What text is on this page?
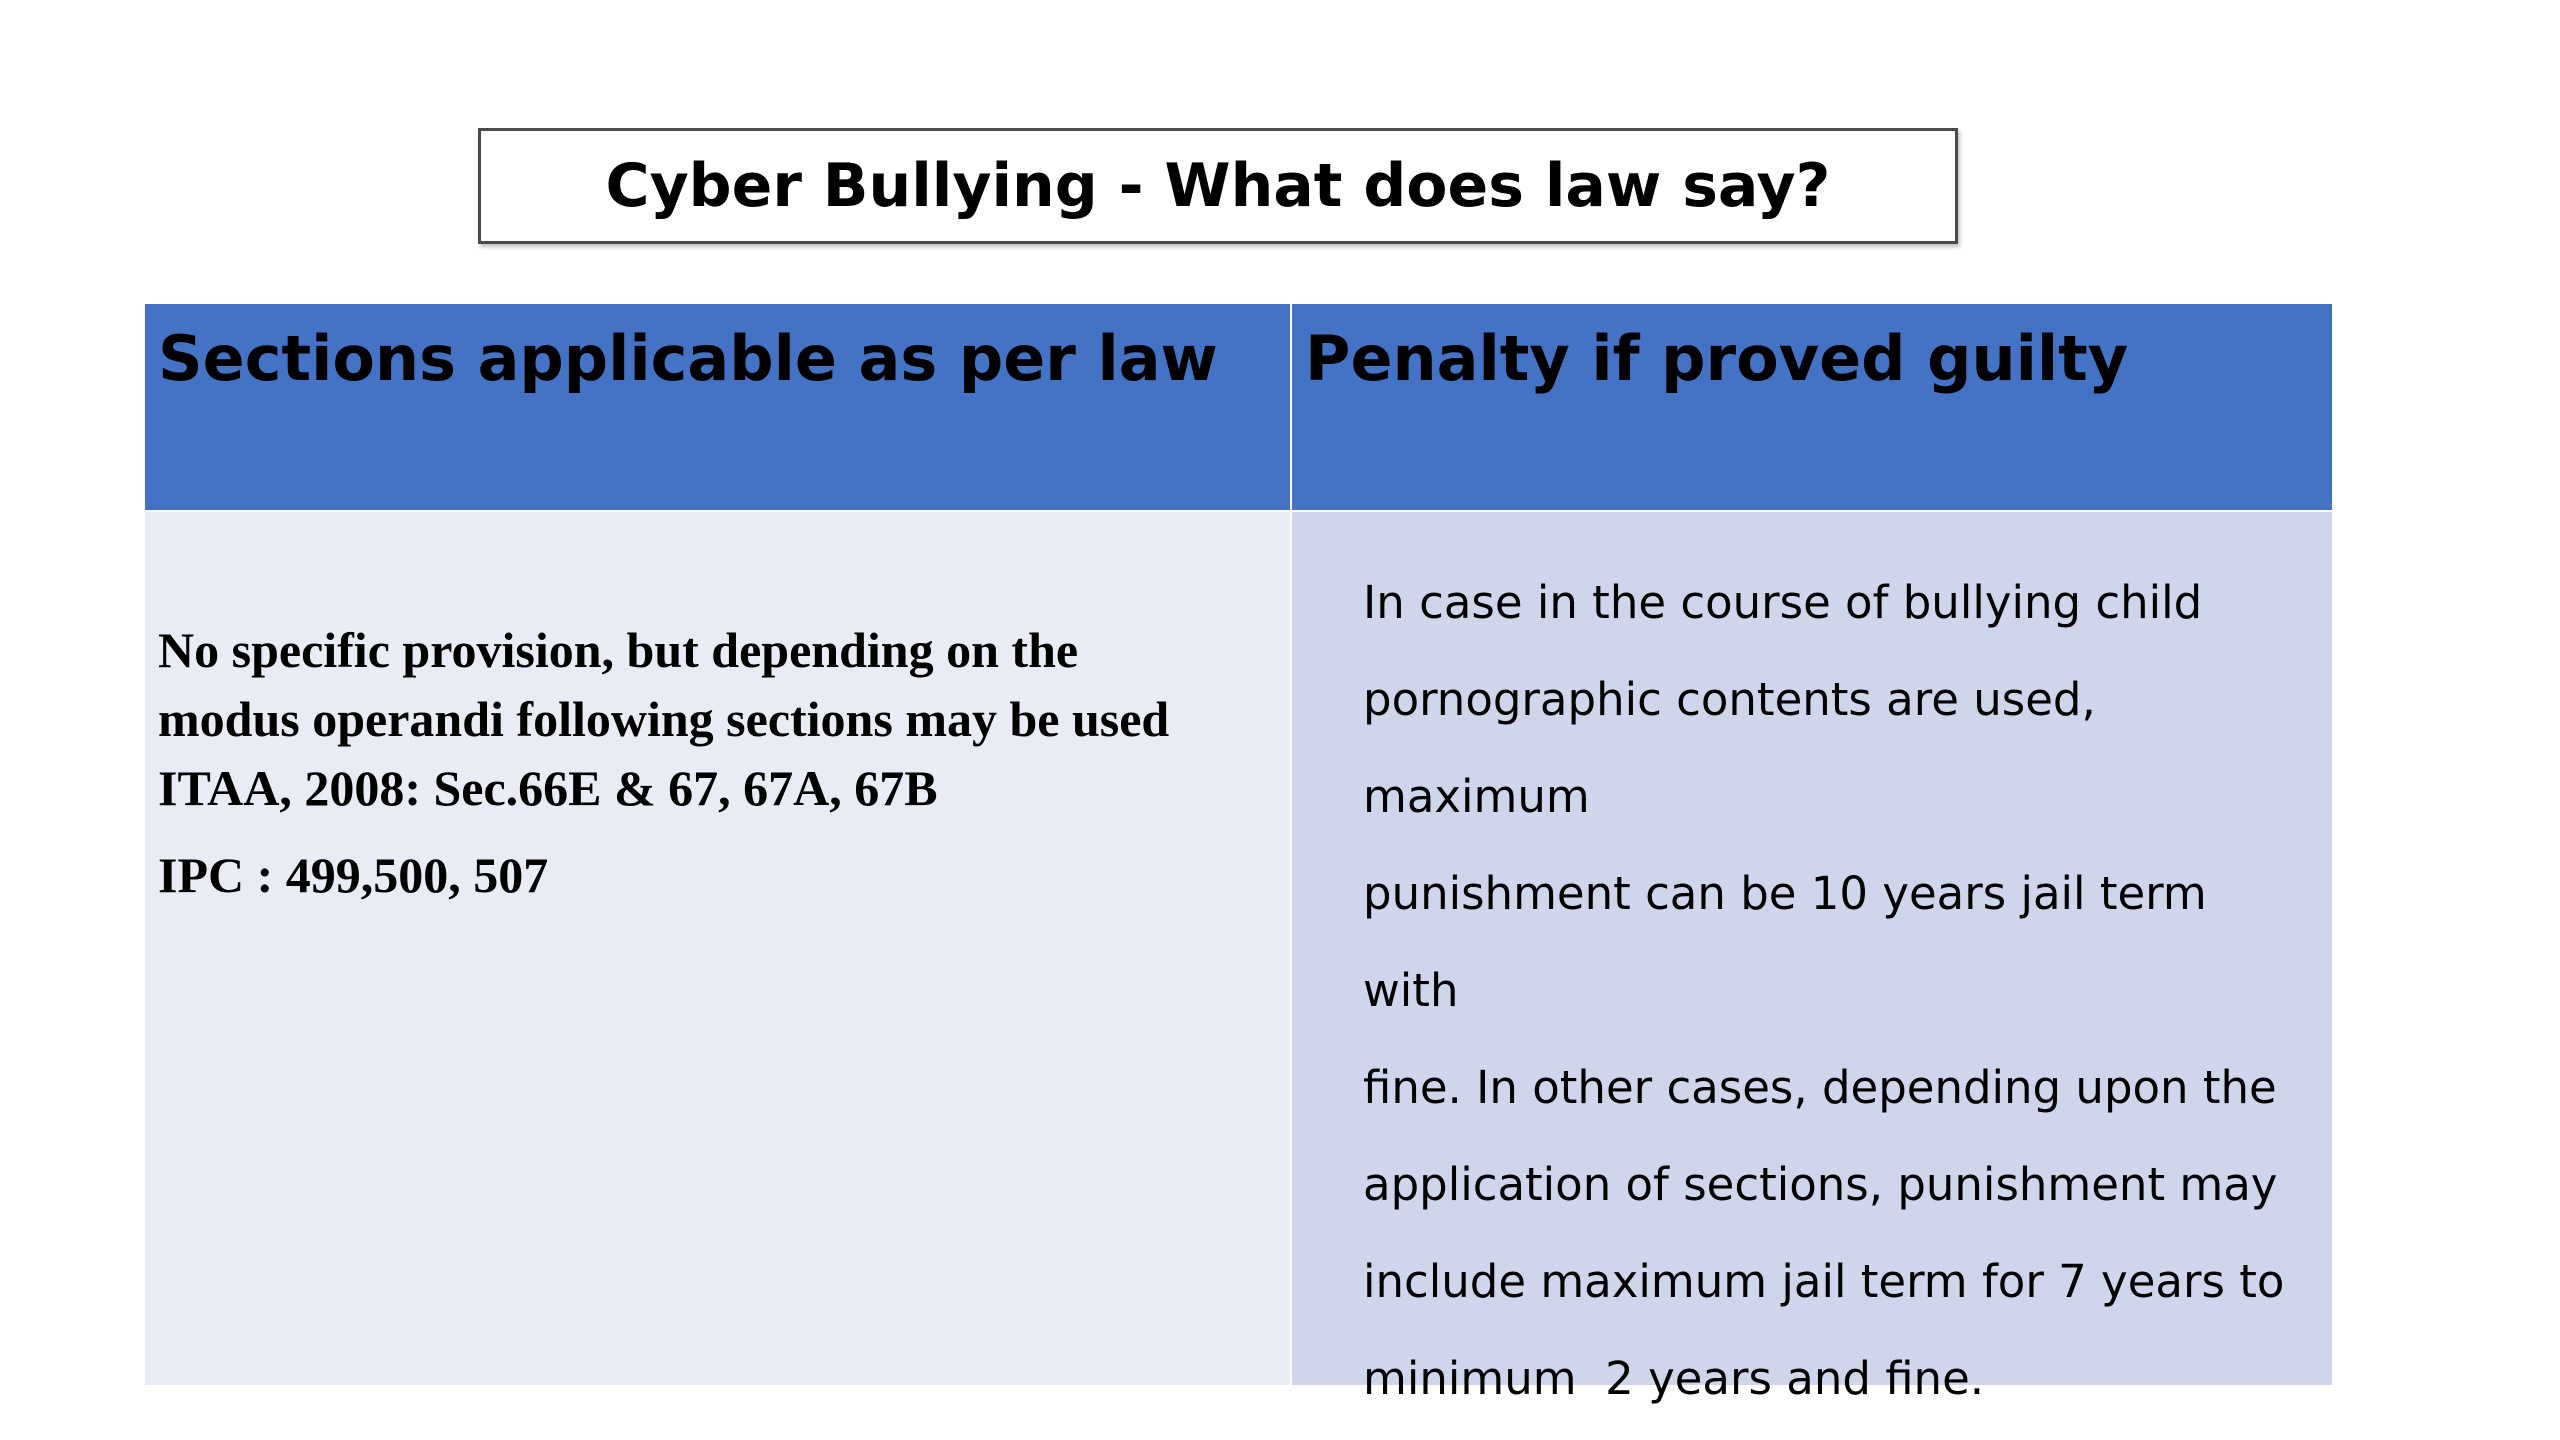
Cyber Bullying - What does law say?
Sections applicable as per law	Penalty if proved guilty
No specific provision, but depending on the
modus operandi following sections may be used
ITAA, 2008: Sec.66E & 67, 67A, 67B
IPC : 499,500, 507
In case in the course of bullying child
pornographic contents are used, maximum
punishment can be 10 years jail term with
fine. In other cases, depending upon the
application of sections, punishment may
include maximum jail term for 7 years to
minimum  2 years and fine.
